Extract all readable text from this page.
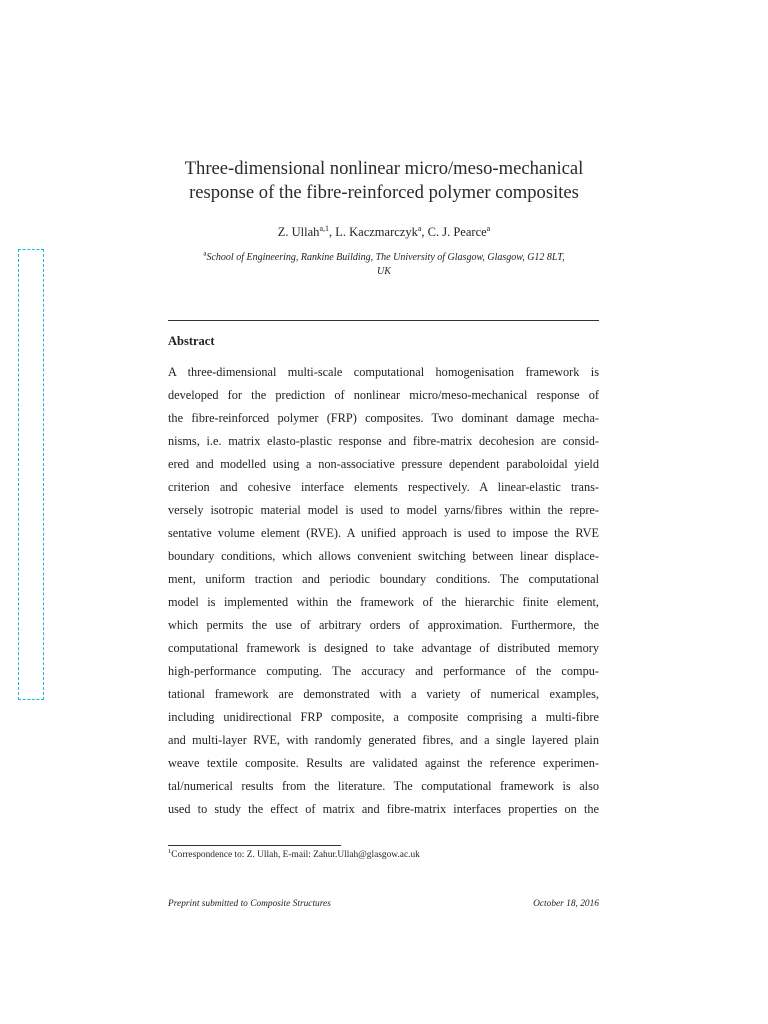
Three-dimensional nonlinear micro/meso-mechanical
response of the fibre-reinforced polymer composites
Z. Ullah$^{a,1}$, L. Kaczmarczyk$^a$, C. J. Pearce$^a$
$^a$School of Engineering, Rankine Building, The University of Glasgow, Glasgow, G12 8LT,
UK
Abstract
A three-dimensional multi-scale computational homogenisation framework is
developed for the prediction of nonlinear micro/meso-mechanical response of
the fibre-reinforced polymer (FRP) composites. Two dominant damage mecha-
nisms, i.e. matrix elasto-plastic response and fibre-matrix decohesion are consid-
ered and modelled using a non-associative pressure dependent paraboloidal yield
criterion and cohesive interface elements respectively. A linear-elastic trans-
versely isotropic material model is used to model yarns/fibres within the repre-
sentative volume element (RVE). A unified approach is used to impose the RVE
boundary conditions, which allows convenient switching between linear displace-
ment, uniform traction and periodic boundary conditions. The computational
model is implemented within the framework of the hierarchic finite element,
which permits the use of arbitrary orders of approximation. Furthermore, the
computational framework is designed to take advantage of distributed memory
high-performance computing. The accuracy and performance of the compu-
tational framework are demonstrated with a variety of numerical examples,
including unidirectional FRP composite, a composite comprising a multi-fibre
and multi-layer RVE, with randomly generated fibres, and a single layered plain
weave textile composite. Results are validated against the reference experimen-
tal/numerical results from the literature. The computational framework is also
used to study the effect of matrix and fibre-matrix interfaces properties on the
$^1$Correspondence to: Z. Ullah, E-mail: Zahur.Ullah@glasgow.ac.uk
Preprint submitted to Composite Structures	October 18, 2016
